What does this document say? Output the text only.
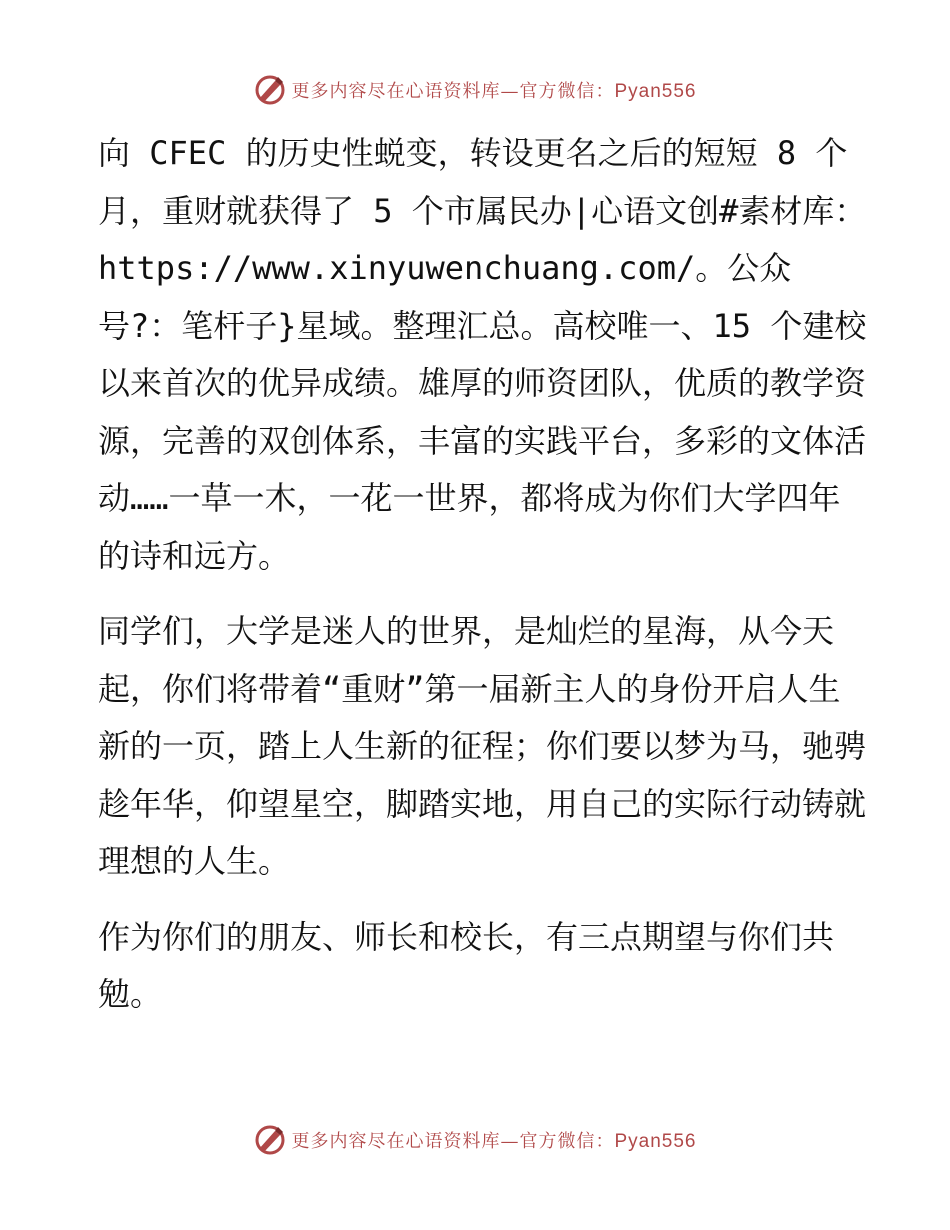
更多内容尽在心语资料库—官方微信：Pyan556

向 CFEC 的历史性蜕变，转设更名之后的短短 8 个月，重财就获得了 5 个市属民办|心语文创#素材库：https://www.xinyuwenchuang.com/。公众号?：笔杆子}星域。整理汇总。高校唯一、15 个建校以来首次的优异成绩。雄厚的师资团队，优质的教学资源，完善的双创体系，丰富的实践平台，多彩的文体活动……一草一木，一花一世界，都将成为你们大学四年的诗和远方。

同学们，大学是迷人的世界，是灿烂的星海，从今天起，你们将带着“重财”第一届新主人的身份开启人生新的一页，踏上人生新的征程；你们要以梦为马，驰骋趁年华，仰望星空，脚踏实地，用自己的实际行动铸就理想的人生。

作为你们的朋友、师长和校长，有三点期望与你们共勉。

更多内容尽在心语资料库—官方微信：Pyan556
